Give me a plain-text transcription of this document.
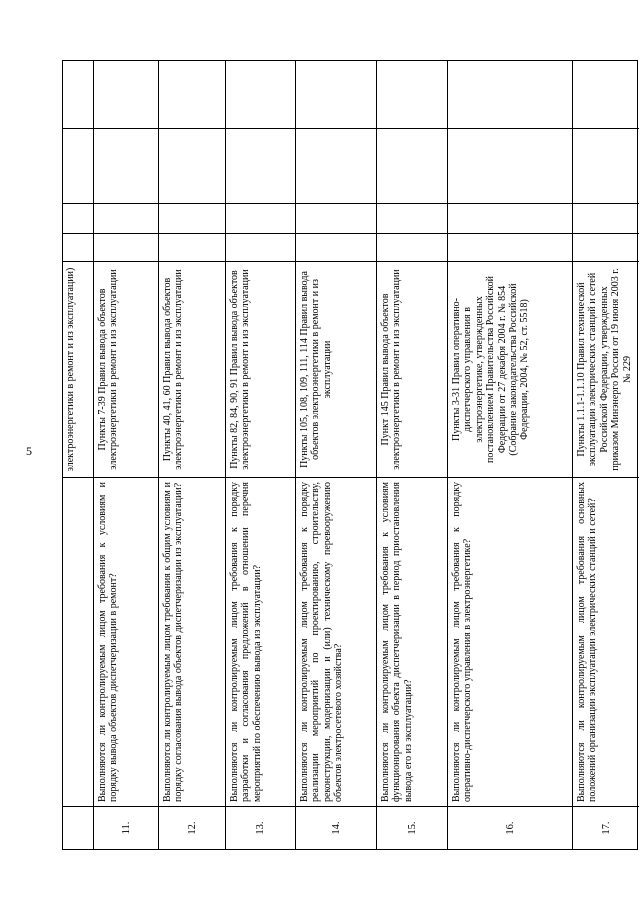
5	электроэнергетики в ремонт и из эксплуатации)
11.
Выполняются ли контролируемым лицом требования к условиям и порядку вывода объектов диспетчеризации в ремонт?
Пункты 7-39 Правил вывода объектов электроэнергетики в ремонт и из эксплуатации
12.
Выполняются ли контролируемым лицом требования к общим условиям и порядку согласования вывода объектов диспетчеризации из эксплуатации?
Пункты 40, 41, 60 Правил вывода объектов электроэнергетики в ремонт и из эксплуатации
13.
Выполняются ли контролируемым лицом требования к порядку разработки и согласования предложений в отношении перечня мероприятий по обеспечению вывода из эксплуатации?
Пункты 82, 84, 90, 91 Правил вывода объектов электроэнергетики в ремонт и из эксплуатации
14.
Выполняются ли контролируемым лицом требования к порядку реализации мероприятий по проектированию, строительству, реконструкции, модернизации и (или) техническому перевооружению объектов электросетевого хозяйства?
Пункты 105, 108, 109, 111, 114 Правил вывода объектов электроэнергетики в ремонт и из эксплуатации
15.
Выполняются ли контролируемым лицом требования к условиям функционирования объекта диспетчеризации в период приостановления вывода его из эксплуатации?
Пункт 145 Правил вывода объектов электроэнергетики в ремонт и из эксплуатации
16.
Выполняются ли контролируемым лицом требования к порядку оперативно-диспетчерского управления в электроэнергетике?
Пункты 3-31 Правил оперативно-диспетчерского управления в электроэнергетике, утвержденных постановлением Правительства Российской Федерации от 27 декабря 2004 г. № 854 (Собрание законодательства Российской Федерации, 2004, № 52, ст. 5518)
17.
Выполняются ли контролируемым лицом требования основных положений организации эксплуатации электрических станций и сетей?
Пункты 1.1.1-1.1.10 Правил технической эксплуатации электрических станций и сетей Российской Федерации, утвержденных приказом Минэнерго России от 19 июня 2003 г. № 229
